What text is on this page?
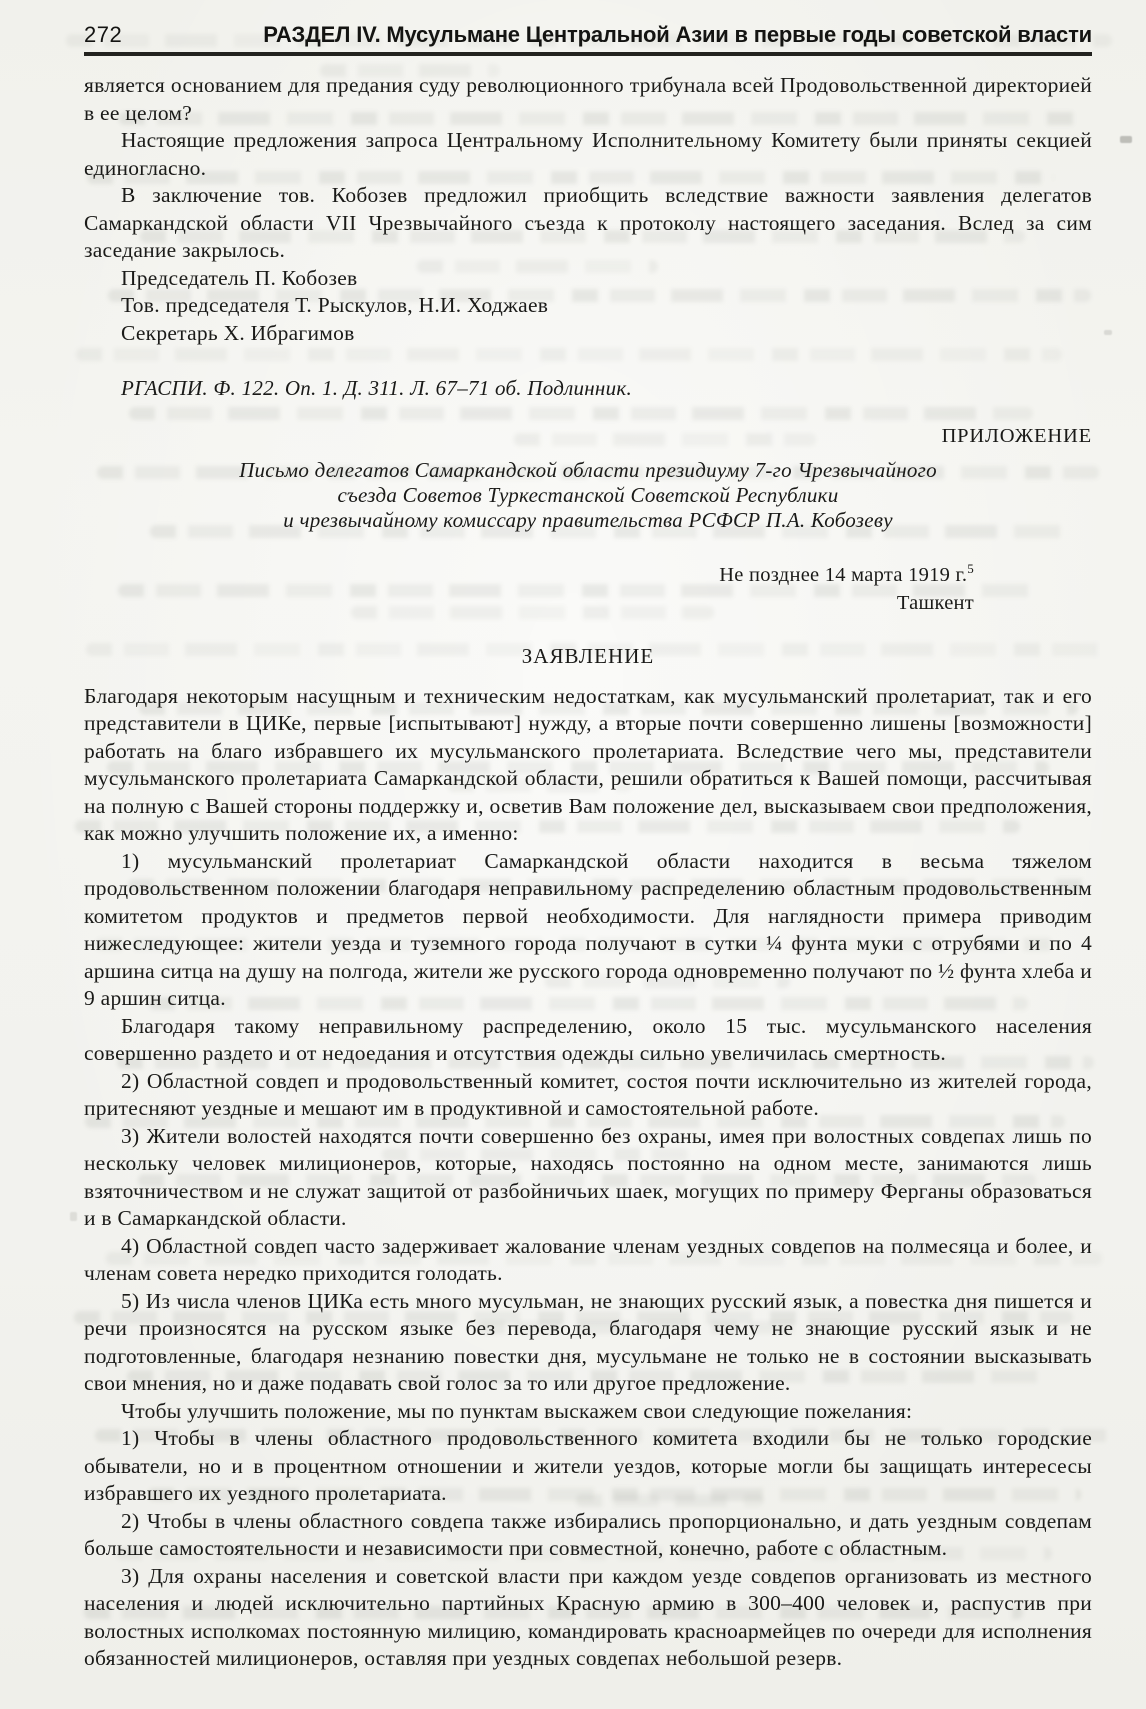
272	РАЗДЕЛ IV. Мусульмане Центральной Азии в первые годы советской власти

является основанием для предания суду революционного трибунала всей Продовольственной директорией в ее целом?

Настоящие предложения запроса Центральному Исполнительному Комитету были приняты секцией единогласно.

В заключение тов. Кобозев предложил приобщить вследствие важности заявления делегатов Самаркандской области VII Чрезвычайного съезда к протоколу настоящего заседания. Вслед за сим заседание закрылось.

Председатель П. Кобозев

Тов. председателя Т. Рыскулов, Н.И. Ходжаев

Секретарь Х. Ибрагимов

РГАСПИ. Ф. 122. Оп. 1. Д. 311. Л. 67–71 об. Подлинник.

ПРИЛОЖЕНИЕ

Письмо делегатов Самаркандской области президиуму 7-го Чрезвычайного

съезда Советов Туркестанской Советской Республики

и чрезвычайному комиссару правительства РСФСР П.А. Кобозеву

Не позднее 14 марта 1919 г.$^5$

Ташкент

ЗАЯВЛЕНИЕ

Благодаря некоторым насущным и техническим недостаткам, как мусульманский пролетариат, так и его представители в ЦИКе, первые [испытывают] нужду, а вторые почти совершенно лишены [возможности] работать на благо избравшего их мусульманского пролетариата. Вследствие чего мы, представители мусульманского пролетариата Самаркандской области, решили обратиться к Вашей помощи, рассчитывая на полную с Вашей стороны поддержку и, осветив Вам положение дел, высказываем свои предположения, как можно улучшить положение их, а именно:

1) мусульманский пролетариат Самаркандской области находится в весьма тяжелом продовольственном положении благодаря неправильному распределению областным продовольственным комитетом продуктов и предметов первой необходимости. Для наглядности примера приводим нижеследующее: жители уезда и туземного города получают в сутки ¼ фунта муки с отрубями и по 4 аршина ситца на душу на полгода, жители же русского города одновременно получают по ½ фунта хлеба и 9 аршин ситца.

Благодаря такому неправильному распределению, около 15 тыс. мусульманского населения совершенно раздето и от недоедания и отсутствия одежды сильно увеличилась смертность.

2) Областной совдеп и продовольственный комитет, состоя почти исключительно из жителей города, притесняют уездные и мешают им в продуктивной и самостоятельной работе.

3) Жители волостей находятся почти совершенно без охраны, имея при волостных совдепах лишь по нескольку человек милиционеров, которые, находясь постоянно на одном месте, занимаются лишь взяточничеством и не служат защитой от разбойничьих шаек, могущих по примеру Ферганы образоваться и в Самаркандской области.

4) Областной совдеп часто задерживает жалование членам уездных совдепов на полмесяца и более, и членам совета нередко приходится голодать.

5) Из числа членов ЦИКа есть много мусульман, не знающих русский язык, а повестка дня пишется и речи произносятся на русском языке без перевода, благодаря чему не знающие русский язык и не подготовленные, благодаря незнанию повестки дня, мусульмане не только не в состоянии высказывать свои мнения, но и даже подавать свой голос за то или другое предложение.

Чтобы улучшить положение, мы по пунктам выскажем свои следующие пожелания:

1) Чтобы в члены областного продовольственного комитета входили бы не только городские обыватели, но и в процентном отношении и жители уездов, которые могли бы защищать интересесы избравшего их уездного пролетариата.

2) Чтобы в члены областного совдепа также избирались пропорционально, и дать уездным совдепам больше самостоятельности и независимости при совместной, конечно, работе с областным.

3) Для охраны населения и советской власти при каждом уезде совдепов организовать из местного населения и людей исключительно партийных Красную армию в 300–400 человек и, распустив при волостных исполкомах постоянную милицию, командировать красноармейцев по очереди для исполнения обязанностей милиционеров, оставляя при уездных совдепах небольшой резерв.
